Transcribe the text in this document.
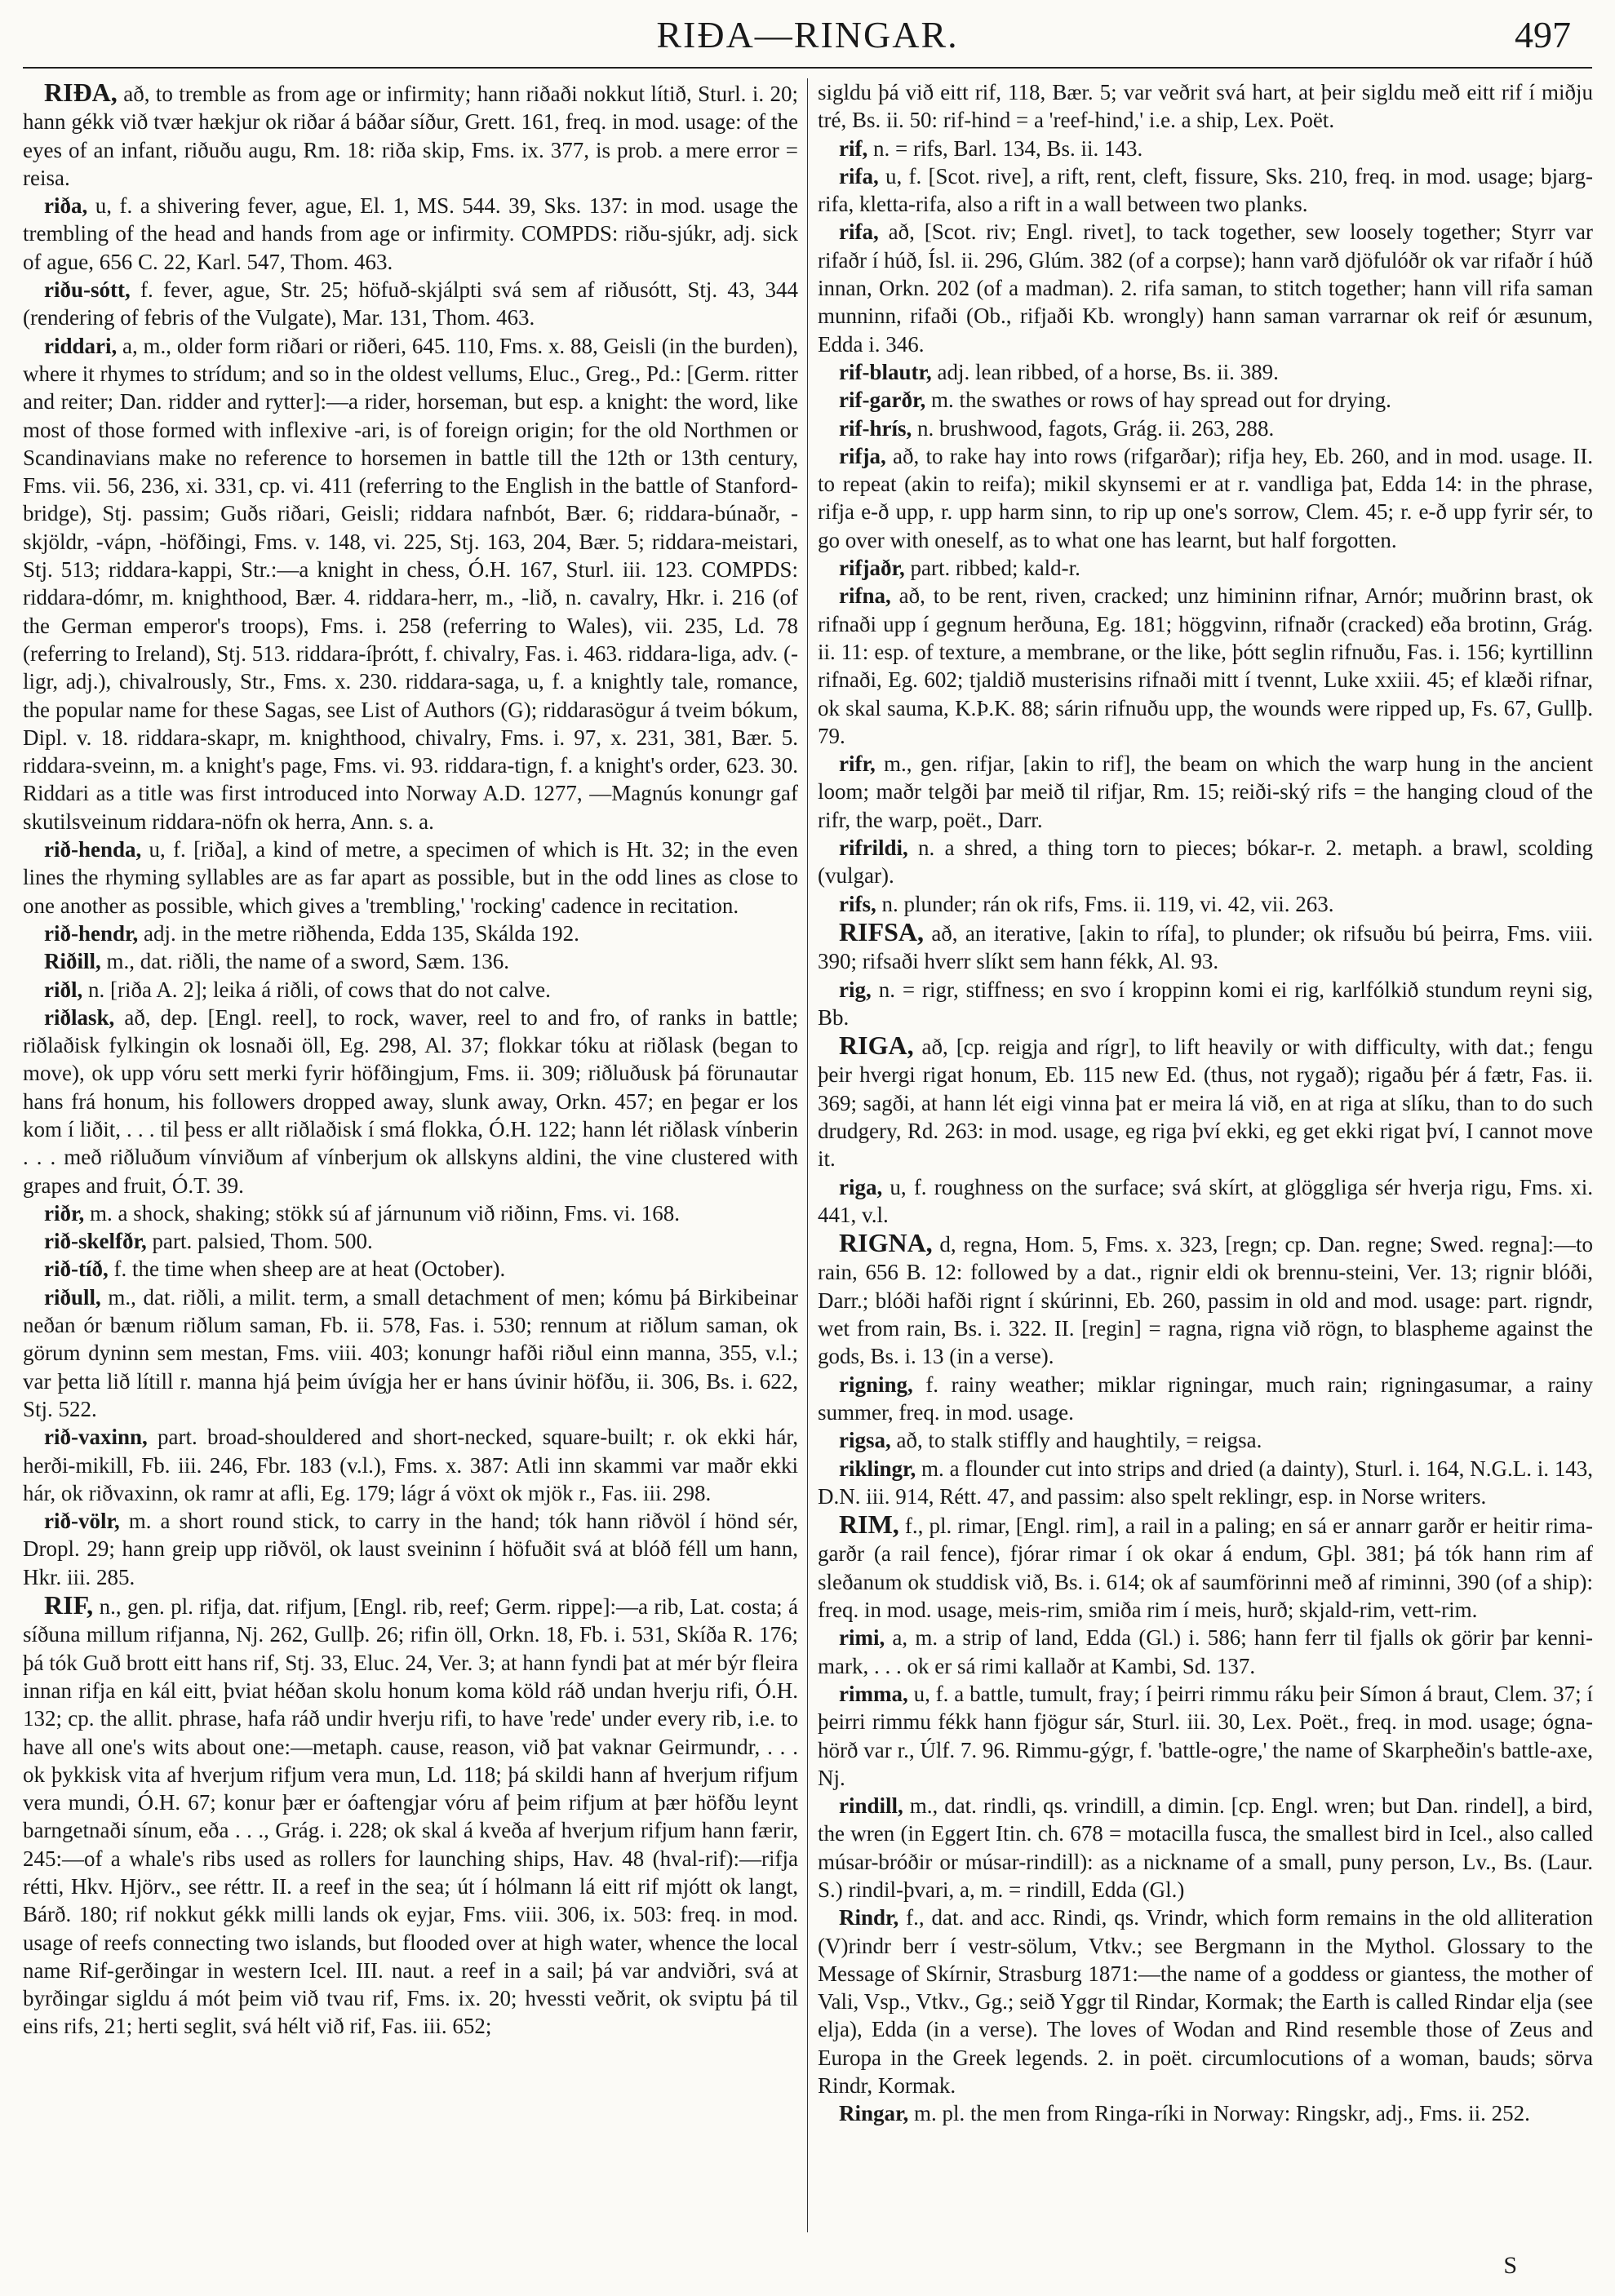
RIÐA—RINGAR.	497

RIÐA, að, to tremble as from age or infirmity; hann riðaði nokkut lítið, Sturl. i. 20; hann gékk við tvær hækjur ok riðar á báðar síður, Grett. 161, freq. in mod. usage: of the eyes of an infant, riðuðu augu, Rm. 18: riða skip, Fms. ix. 377, is prob. a mere error = reisa.

riða, u, f. a shivering fever, ague, El. 1, MS. 544. 39, Sks. 137: in mod. usage the trembling of the head and hands from age or infirmity. COMPDS: riðu-sjúkr, adj. sick of ague, 656 C. 22, Karl. 547, Thom. 463.

riðu-sótt, f. fever, ague, Str. 25; höfuð-skjálpti svá sem af riðusótt, Stj. 43, 344 (rendering of febris of the Vulgate), Mar. 131, Thom. 463.

riddari, a, m., older form riðari or riðeri, 645. 110, Fms. x. 88, Geisli (in the burden), where it rhymes to strídum; and so in the oldest vellums, Eluc., Greg., Pd.: [Germ. ritter and reiter; Dan. ridder and rytter]:—a rider, horseman, but esp. a knight: the word, like most of those formed with inflexive -ari, is of foreign origin; for the old Northmen or Scandinavians make no reference to horsemen in battle till the 12th or 13th century, Fms. vii. 56, 236, xi. 331, cp. vi. 411 (referring to the English in the battle of Stanford-bridge), Stj. passim; Guðs riðari, Geisli; riddara nafnbót, Bær. 6; riddara-búnaðr, -skjöldr, -vápn, -höfðingi, Fms. v. 148, vi. 225, Stj. 163, 204, Bær. 5; riddara-meistari, Stj. 513; riddara-kappi, Str.:—a knight in chess, Ó.H. 167, Sturl. iii. 123. COMPDS: riddara-dómr, m. knighthood, Bær. 4. riddara-herr, m., -lið, n. cavalry, Hkr. i. 216 (of the German emperor's troops), Fms. i. 258 (referring to Wales), vii. 235, Ld. 78 (referring to Ireland), Stj. 513. riddara-íþrótt, f. chivalry, Fas. i. 463. riddara-liga, adv. (-ligr, adj.), chivalrously, Str., Fms. x. 230. riddara-saga, u, f. a knightly tale, romance, the popular name for these Sagas, see List of Authors (G); riddarasögur á tveim bókum, Dipl. v. 18. riddara-skapr, m. knighthood, chivalry, Fms. i. 97, x. 231, 381, Bær. 5. riddara-sveinn, m. a knight's page, Fms. vi. 93. riddara-tign, f. a knight's order, 623. 30. Riddari as a title was first introduced into Norway A.D. 1277, —Magnús konungr gaf skutilsveinum riddara-nöfn ok herra, Ann. s. a.

rið-henda, u, f. [riða], a kind of metre, a specimen of which is Ht. 32; in the even lines the rhyming syllables are as far apart as possible, but in the odd lines as close to one another as possible, which gives a 'trembling,' 'rocking' cadence in recitation.

rið-hendr, adj. in the metre riðhenda, Edda 135, Skálda 192.

Riðill, m., dat. riðli, the name of a sword, Sæm. 136.

riðl, n. [riða A. 2]; leika á riðli, of cows that do not calve.

riðlask, að, dep. [Engl. reel], to rock, waver, reel to and fro, of ranks in battle; riðlaðisk fylkingin ok losnaði öll, Eg. 298, Al. 37; flokkar tóku at riðlask (began to move), ok upp vóru sett merki fyrir höfðingjum, Fms. ii. 309; riðluðusk þá förunautar hans frá honum, his followers dropped away, slunk away, Orkn. 457; en þegar er los kom í liðit, . . . til þess er allt riðlaðisk í smá flokka, Ó.H. 122; hann lét riðlask vínberin . . . með riðluðum vínviðum af vínberjum ok allskyns aldini, the vine clustered with grapes and fruit, Ó.T. 39.

riðr, m. a shock, shaking; stökk sú af járnunum við riðinn, Fms. vi. 168.

rið-skelfðr, part. palsied, Thom. 500.

rið-tíð, f. the time when sheep are at heat (October).

riðull, m., dat. riðli, a milit. term, a small detachment of men; kómu þá Birkibeinar neðan ór bænum riðlum saman, Fb. ii. 578, Fas. i. 530; rennum at riðlum saman, ok görum dyninn sem mestan, Fms. viii. 403; konungr hafði riðul einn manna, 355, v.l.; var þetta lið lítill r. manna hjá þeim úvígja her er hans úvinir höfðu, ii. 306, Bs. i. 622, Stj. 522.

rið-vaxinn, part. broad-shouldered and short-necked, square-built; r. ok ekki hár, herði-mikill, Fb. iii. 246, Fbr. 183 (v.l.), Fms. x. 387: Atli inn skammi var maðr ekki hár, ok riðvaxinn, ok ramr at afli, Eg. 179; lágr á vöxt ok mjök r., Fas. iii. 298.

rið-völr, m. a short round stick, to carry in the hand; tók hann riðvöl í hönd sér, Dropl. 29; hann greip upp riðvöl, ok laust sveininn í höfuðit svá at blóð féll um hann, Hkr. iii. 285.

RIF, n., gen. pl. rifja, dat. rifjum, [Engl. rib, reef; Germ. rippe]:—a rib, Lat. costa; á síðuna millum rifjanna, Nj. 262, Gullþ. 26; rifin öll, Orkn. 18, Fb. i. 531, Skíða R. 176; þá tók Guð brott eitt hans rif, Stj. 33, Eluc. 24, Ver. 3; at hann fyndi þat at mér býr fleira innan rifja en kál eitt, þviat héðan skolu honum koma köld ráð undan hverju rifi, Ó.H. 132; cp. the allit. phrase, hafa ráð undir hverju rifi, to have 'rede' under every rib, i.e. to have all one's wits about one:—metaph. cause, reason, við þat vaknar Geirmundr, . . . ok þykkisk vita af hverjum rifjum vera mun, Ld. 118; þá skildi hann af hverjum rifjum vera mundi, Ó.H. 67; konur þær er óaftengjar vóru af þeim rifjum at þær höfðu leynt barngetnaði sínum, eða . . ., Grág. i. 228; ok skal á kveða af hverjum rifjum hann færir, 245:—of a whale's ribs used as rollers for launching ships, Hav. 48 (hval-rif):—rifja rétti, Hkv. Hjörv., see réttr. II. a reef in the sea; út í hólmann lá eitt rif mjótt ok langt, Bárð. 180; rif nokkut gékk milli lands ok eyjar, Fms. viii. 306, ix. 503: freq. in mod. usage of reefs connecting two islands, but flooded over at high water, whence the local name Rif-gerðingar in western Icel. III. naut. a reef in a sail; þá var andviðri, svá at byrðingar sigldu á mót þeim við tvau rif, Fms. ix. 20; hvessti veðrit, ok sviptu þá til eins rifs, 21; herti seglit, svá hélt við rif, Fas. iii. 652;

sigldu þá við eitt rif, 118, Bær. 5; var veðrit svá hart, at þeir sigldu með eitt rif í miðju tré, Bs. ii. 50: rif-hind = a 'reef-hind,' i.e. a ship, Lex. Poët.

rif, n. = rifs, Barl. 134, Bs. ii. 143.

rifa, u, f. [Scot. rive], a rift, rent, cleft, fissure, Sks. 210, freq. in mod. usage; bjarg-rifa, kletta-rifa, also a rift in a wall between two planks.

rifa, að, [Scot. riv; Engl. rivet], to tack together, sew loosely together; Styrr var rifaðr í húð, Ísl. ii. 296, Glúm. 382 (of a corpse); hann varð djöfulóðr ok var rifaðr í húð innan, Orkn. 202 (of a madman). 2. rifa saman, to stitch together; hann vill rifa saman munninn, rifaði (Ob., rifjaði Kb. wrongly) hann saman varrarnar ok reif ór æsunum, Edda i. 346.

rif-blautr, adj. lean ribbed, of a horse, Bs. ii. 389.

rif-garðr, m. the swathes or rows of hay spread out for drying.

rif-hrís, n. brushwood, fagots, Grág. ii. 263, 288.

rifja, að, to rake hay into rows (rifgarðar); rifja hey, Eb. 260, and in mod. usage. II. to repeat (akin to reifa); mikil skynsemi er at r. vandliga þat, Edda 14: in the phrase, rifja e-ð upp, r. upp harm sinn, to rip up one's sorrow, Clem. 45; r. e-ð upp fyrir sér, to go over with oneself, as to what one has learnt, but half forgotten.

rifjaðr, part. ribbed; kald-r.

rifna, að, to be rent, riven, cracked; unz himininn rifnar, Arnór; muðrinn brast, ok rifnaði upp í gegnum herðuna, Eg. 181; höggvinn, rifnaðr (cracked) eða brotinn, Grág. ii. 11: esp. of texture, a membrane, or the like, þótt seglin rifnuðu, Fas. i. 156; kyrtillinn rifnaði, Eg. 602; tjaldið musterisins rifnaði mitt í tvennt, Luke xxiii. 45; ef klæði rifnar, ok skal sauma, K.Þ.K. 88; sárin rifnuðu upp, the wounds were ripped up, Fs. 67, Gullþ. 79.

rifr, m., gen. rifjar, [akin to rif], the beam on which the warp hung in the ancient loom; maðr telgði þar meið til rifjar, Rm. 15; reiði-ský rifs = the hanging cloud of the rifr, the warp, poët., Darr.

rifrildi, n. a shred, a thing torn to pieces; bókar-r. 2. metaph. a brawl, scolding (vulgar).

rifs, n. plunder; rán ok rifs, Fms. ii. 119, vi. 42, vii. 263.

RIFSA, að, an iterative, [akin to rífa], to plunder; ok rifsuðu bú þeirra, Fms. viii. 390; rifsaði hverr slíkt sem hann fékk, Al. 93.

rig, n. = rigr, stiffness; en svo í kroppinn komi ei rig, karlfólkið stundum reyni sig, Bb.

RIGA, að, [cp. reigja and rígr], to lift heavily or with difficulty, with dat.; fengu þeir hvergi rigat honum, Eb. 115 new Ed. (thus, not rygað); rigaðu þér á fætr, Fas. ii. 369; sagði, at hann lét eigi vinna þat er meira lá við, en at riga at slíku, than to do such drudgery, Rd. 263: in mod. usage, eg riga því ekki, eg get ekki rigat því, I cannot move it.

riga, u, f. roughness on the surface; svá skírt, at glöggliga sér hverja rigu, Fms. xi. 441, v.l.

RIGNA, d, regna, Hom. 5, Fms. x. 323, [regn; cp. Dan. regne; Swed. regna]:—to rain, 656 B. 12: followed by a dat., rignir eldi ok brennu-steini, Ver. 13; rignir blóði, Darr.; blóði hafði rignt í skúrinni, Eb. 260, passim in old and mod. usage: part. rigndr, wet from rain, Bs. i. 322. II. [regin] = ragna, rigna við rögn, to blaspheme against the gods, Bs. i. 13 (in a verse).

rigning, f. rainy weather; miklar rigningar, much rain; rigningasumar, a rainy summer, freq. in mod. usage.

rigsa, að, to stalk stiffly and haughtily, = reigsa.

riklingr, m. a flounder cut into strips and dried (a dainty), Sturl. i. 164, N.G.L. i. 143, D.N. iii. 914, Rétt. 47, and passim: also spelt reklingr, esp. in Norse writers.

RIM, f., pl. rimar, [Engl. rim], a rail in a paling; en sá er annarr garðr er heitir rima-garðr (a rail fence), fjórar rimar í ok okar á endum, Gþl. 381; þá tók hann rim af sleðanum ok studdisk við, Bs. i. 614; ok af saumförinni með af riminni, 390 (of a ship): freq. in mod. usage, meis-rim, smiða rim í meis, hurð; skjald-rim, vett-rim.

rimi, a, m. a strip of land, Edda (Gl.) i. 586; hann ferr til fjalls ok görir þar kenni-mark, . . . ok er sá rimi kallaðr at Kambi, Sd. 137.

rimma, u, f. a battle, tumult, fray; í þeirri rimmu ráku þeir Símon á braut, Clem. 37; í þeirri rimmu fékk hann fjögur sár, Sturl. iii. 30, Lex. Poët., freq. in mod. usage; ógna-hörð var r., Úlf. 7. 96. Rimmu-gýgr, f. 'battle-ogre,' the name of Skarpheðin's battle-axe, Nj.

rindill, m., dat. rindli, qs. vrindill, a dimin. [cp. Engl. wren; but Dan. rindel], a bird, the wren (in Eggert Itin. ch. 678 = motacilla fusca, the smallest bird in Icel., also called músar-bróðir or músar-rindill): as a nickname of a small, puny person, Lv., Bs. (Laur. S.) rindil-þvari, a, m. = rindill, Edda (Gl.)

Rindr, f., dat. and acc. Rindi, qs. Vrindr, which form remains in the old alliteration (V)rindr berr í vestr-sölum, Vtkv.; see Bergmann in the Mythol. Glossary to the Message of Skírnir, Strasburg 1871:—the name of a goddess or giantess, the mother of Vali, Vsp., Vtkv., Gg.; seið Yggr til Rindar, Kormak; the Earth is called Rindar elja (see elja), Edda (in a verse). The loves of Wodan and Rind resemble those of Zeus and Europa in the Greek legends. 2. in poët. circumlocutions of a woman, bauds; sörva Rindr, Kormak.

Ringar, m. pl. the men from Ringa-ríki in Norway: Ringskr, adj., Fms. ii. 252.

S
